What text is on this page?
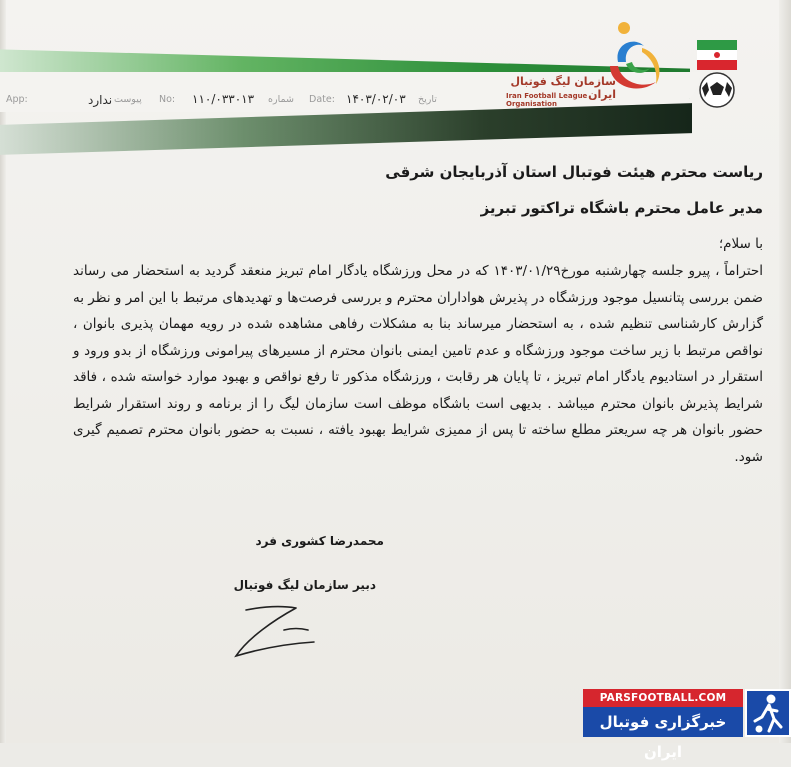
سازمان لیگ فوتبال ایران
Iran Football League Organisation
App:	پیوست
ندارد	No: ۱۱۰/۰۳۳۰۱۳ شماره Date: ۱۴۰۳/۰۲/۰۳ تاریخ
ریاست محترم هیئت فوتبال استان آذربایجان شرقی
مدیر عامل محترم باشگاه تراکتور تبریز
با سلام؛
احتراماً ، پیرو جلسه چهارشنبه مورخ۱۴۰۳/۰۱/۲۹ که در محل ورزشگاه یادگار امام تبریز منعقد گردید به استحضار می رساند ضمن بررسی پتانسیل موجود ورزشگاه در پذیرش هواداران محترم و بررسی فرصت‌ها و تهدیدهای مرتبط با این امر و نظر به گزارش کارشناسی تنظیم شده ، به استحضار میرساند بنا به مشکلات رفاهی مشاهده شده در رویه مهمان پذیری بانوان ، نواقص مرتبط با زیر ساخت موجود ورزشگاه و عدم تامین ایمنی بانوان محترم از مسیرهای پیرامونی ورزشگاه از بدو ورود و استقرار در استادیوم یادگار امام تبریز ، تا پایان هر رقابت ، ورزشگاه مذکور تا رفع نواقص و بهبود موارد خواسته شده ، فاقد شرایط پذیرش بانوان محترم میباشد . بدیهی است باشگاه موظف است سازمان لیگ را از برنامه و روند استقرار شرایط حضور بانوان هر چه سریعتر مطلع ساخته تا پس از ممیزی شرایط بهبود یافته ، نسبت به حضور بانوان محترم تصمیم گیری شود.
محمدرضا کشوری فرد
دبیر سازمان لیگ فوتبال
PARSFOOTBALL.COM
خبرگزاری فوتبال ایران
